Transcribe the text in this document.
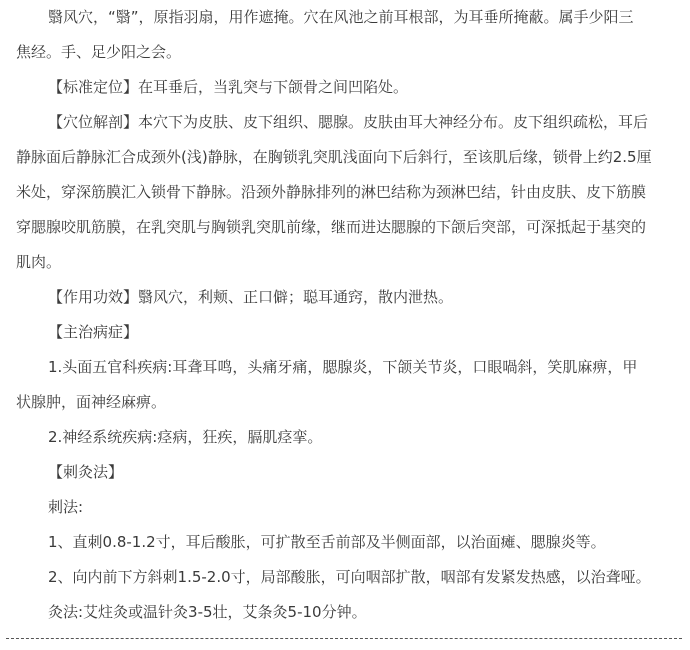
翳风穴，“翳”，原指羽扇，用作遮掩。穴在风池之前耳根部，为耳垂所掩蔽。属手少阳三
焦经。手、足少阳之会。

【标准定位】在耳垂后，当乳突与下颌骨之间凹陷处。

【穴位解剖】本穴下为皮肤、皮下组织、腮腺。皮肤由耳大神经分布。皮下组织疏松，耳后
静脉面后静脉汇合成颈外(浅)静脉，在胸锁乳突肌浅面向下后斜行，至该肌后缘，锁骨上约2.5厘
米处，穿深筋膜汇入锁骨下静脉。沿颈外静脉排列的淋巴结称为颈淋巴结，针由皮肤、皮下筋膜
穿腮腺咬肌筋膜，在乳突肌与胸锁乳突肌前缘，继而进达腮腺的下颌后突部，可深抵起于基突的
肌肉。

【作用功效】翳风穴，利颊、正口僻；聪耳通窍，散内泄热。

【主治病症】

1.头面五官科疾病:耳聋耳鸣，头痛牙痛，腮腺炎，下颌关节炎，口眼喎斜，笑肌麻痹，甲
状腺肿，面神经麻痹。

2.神经系统疾病:痉病，狂疾，膈肌痉挛。

【刺灸法】

刺法:

1、直刺0.8-1.2寸，耳后酸胀，可扩散至舌前部及半侧面部，以治面瘫、腮腺炎等。

2、向内前下方斜刺1.5-2.0寸，局部酸胀，可向咽部扩散，咽部有发紧发热感，以治聋哑。

灸法:艾炷灸或温针灸3-5壮，艾条灸5-10分钟。
